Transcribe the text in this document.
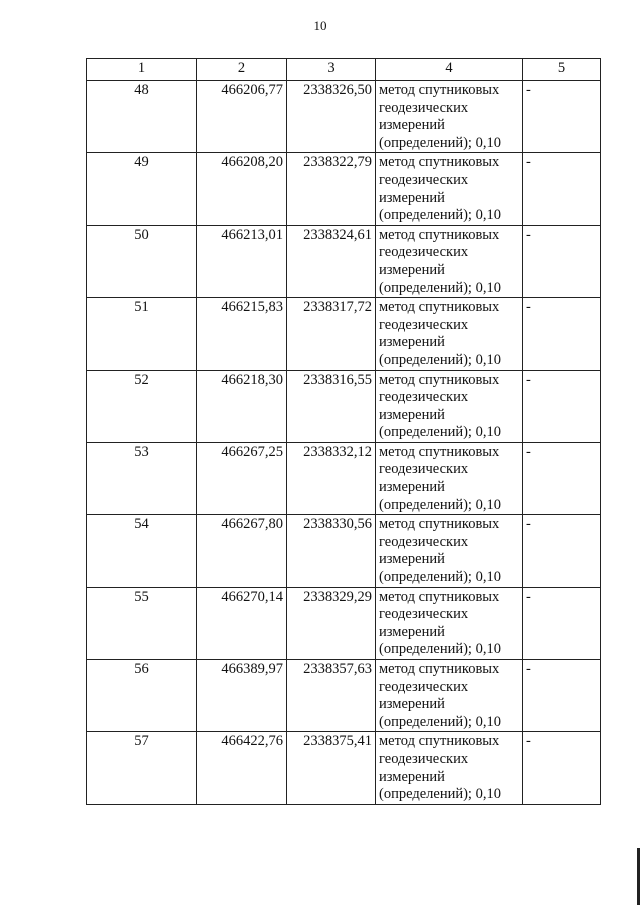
10
1	2	3	4	5
48	466206,77	2338326,50	метод спутниковых геодезических измерений (определений); 0,10	-
49	466208,20	2338322,79	метод спутниковых геодезических измерений (определений); 0,10	-
50	466213,01	2338324,61	метод спутниковых геодезических измерений (определений); 0,10	-
51	466215,83	2338317,72	метод спутниковых геодезических измерений (определений); 0,10	-
52	466218,30	2338316,55	метод спутниковых геодезических измерений (определений); 0,10	-
53	466267,25	2338332,12	метод спутниковых геодезических измерений (определений); 0,10	-
54	466267,80	2338330,56	метод спутниковых геодезических измерений (определений); 0,10	-
55	466270,14	2338329,29	метод спутниковых геодезических измерений (определений); 0,10	-
56	466389,97	2338357,63	метод спутниковых геодезических измерений (определений); 0,10	-
57	466422,76	2338375,41	метод спутниковых геодезических измерений (определений); 0,10	-
